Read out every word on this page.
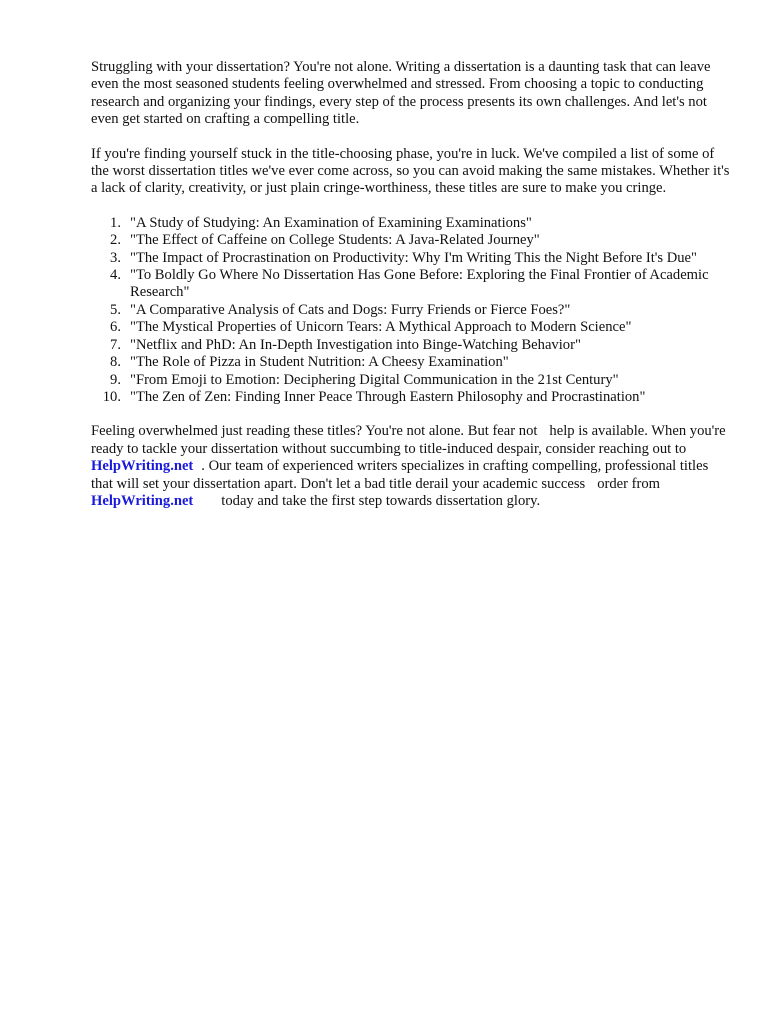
Struggling with your dissertation? You're not alone. Writing a dissertation is a daunting task that can leave even the most seasoned students feeling overwhelmed and stressed. From choosing a topic to conducting research and organizing your findings, every step of the process presents its own challenges. And let's not even get started on crafting a compelling title.

If you're finding yourself stuck in the title-choosing phase, you're in luck. We've compiled a list of some of the worst dissertation titles we've ever come across, so you can avoid making the same mistakes. Whether it's a lack of clarity, creativity, or just plain cringe-worthiness, these titles are sure to make you cringe.

1. "A Study of Studying: An Examination of Examining Examinations"
2. "The Effect of Caffeine on College Students: A Java-Related Journey"
3. "The Impact of Procrastination on Productivity: Why I'm Writing This the Night Before It's Due"
4. "To Boldly Go Where No Dissertation Has Gone Before: Exploring the Final Frontier of Academic Research"
5. "A Comparative Analysis of Cats and Dogs: Furry Friends or Fierce Foes?"
6. "The Mystical Properties of Unicorn Tears: A Mythical Approach to Modern Science"
7. "Netflix and PhD: An In-Depth Investigation into Binge-Watching Behavior"
8. "The Role of Pizza in Student Nutrition: A Cheesy Examination"
9. "From Emoji to Emotion: Deciphering Digital Communication in the 21st Century"
10. "The Zen of Zen: Finding Inner Peace Through Eastern Philosophy and Procrastination"

Feeling overwhelmed just reading these titles? You're not alone. But fear not help is available. When you're ready to tackle your dissertation without succumbing to title-induced despair, consider reaching out toHelpWriting.net . Our team of experienced writers specializes in crafting compelling, professional titles that will set your dissertation apart. Don't let a bad title derail your academic success order fromHelpWriting.net today and take the first step towards dissertation glory.
